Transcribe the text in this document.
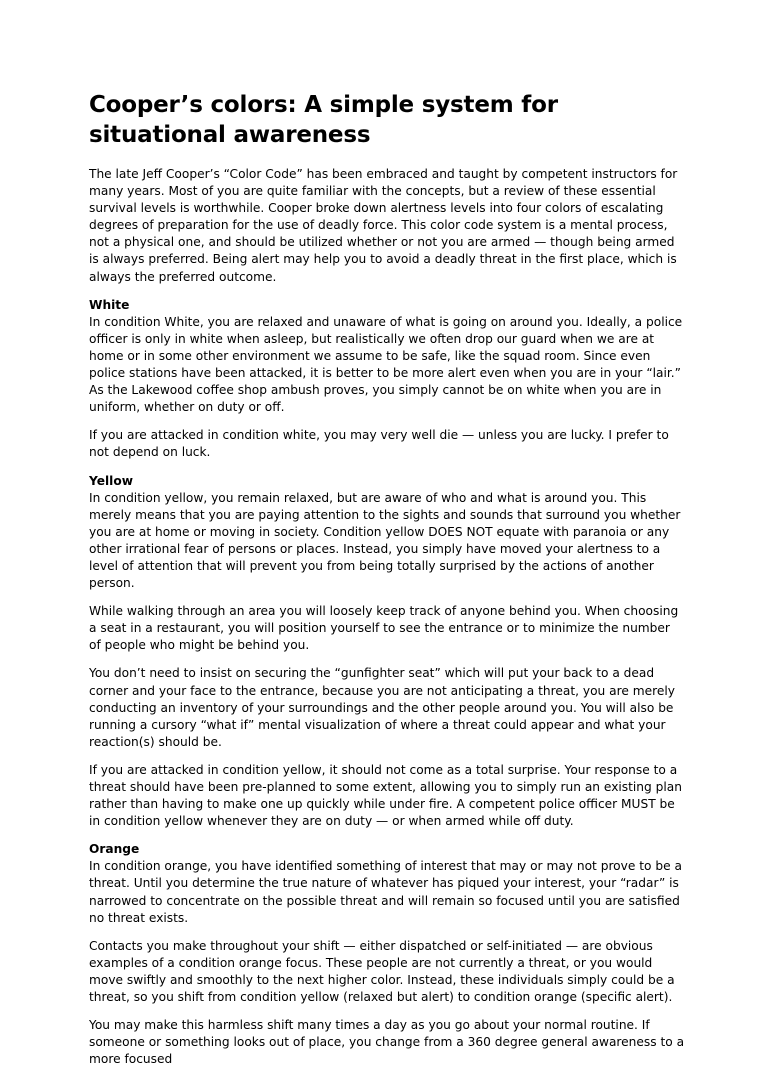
Cooper’s colors: A simple system for situational awareness

The late Jeff Cooper’s “Color Code” has been embraced and taught by competent instructors for many years. Most of you are quite familiar with the concepts, but a review of these essential survival levels is worthwhile. Cooper broke down alertness levels into four colors of escalating degrees of preparation for the use of deadly force. This color code system is a mental process, not a physical one, and should be utilized whether or not you are armed — though being armed is always preferred. Being alert may help you to avoid a deadly threat in the first place, which is always the preferred outcome.

White

In condition White, you are relaxed and unaware of what is going on around you. Ideally, a police officer is only in white when asleep, but realistically we often drop our guard when we are at home or in some other environment we assume to be safe, like the squad room. Since even police stations have been attacked, it is better to be more alert even when you are in your “lair.” As the Lakewood coffee shop ambush proves, you simply cannot be on white when you are in uniform, whether on duty or off.

If you are attacked in condition white, you may very well die — unless you are lucky. I prefer to not depend on luck.

Yellow

In condition yellow, you remain relaxed, but are aware of who and what is around you. This merely means that you are paying attention to the sights and sounds that surround you whether you are at home or moving in society. Condition yellow DOES NOT equate with paranoia or any other irrational fear of persons or places. Instead, you simply have moved your alertness to a level of attention that will prevent you from being totally surprised by the actions of another person.

While walking through an area you will loosely keep track of anyone behind you. When choosing a seat in a restaurant, you will position yourself to see the entrance or to minimize the number of people who might be behind you.

You don’t need to insist on securing the “gunfighter seat” which will put your back to a dead corner and your face to the entrance, because you are not anticipating a threat, you are merely conducting an inventory of your surroundings and the other people around you. You will also be running a cursory “what if” mental visualization of where a threat could appear and what your reaction(s) should be.

If you are attacked in condition yellow, it should not come as a total surprise. Your response to a threat should have been pre-planned to some extent, allowing you to simply run an existing plan rather than having to make one up quickly while under fire. A competent police officer MUST be in condition yellow whenever they are on duty — or when armed while off duty.

Orange

In condition orange, you have identified something of interest that may or may not prove to be a threat. Until you determine the true nature of whatever has piqued your interest, your “radar” is narrowed to concentrate on the possible threat and will remain so focused until you are satisfied no threat exists.

Contacts you make throughout your shift — either dispatched or self-initiated — are obvious examples of a condition orange focus. These people are not currently a threat, or you would move swiftly and smoothly to the next higher color. Instead, these individuals simply could be a threat, so you shift from condition yellow (relaxed but alert) to condition orange (specific alert).

You may make this harmless shift many times a day as you go about your normal routine. If someone or something looks out of place, you change from a 360 degree general awareness to a more focused
